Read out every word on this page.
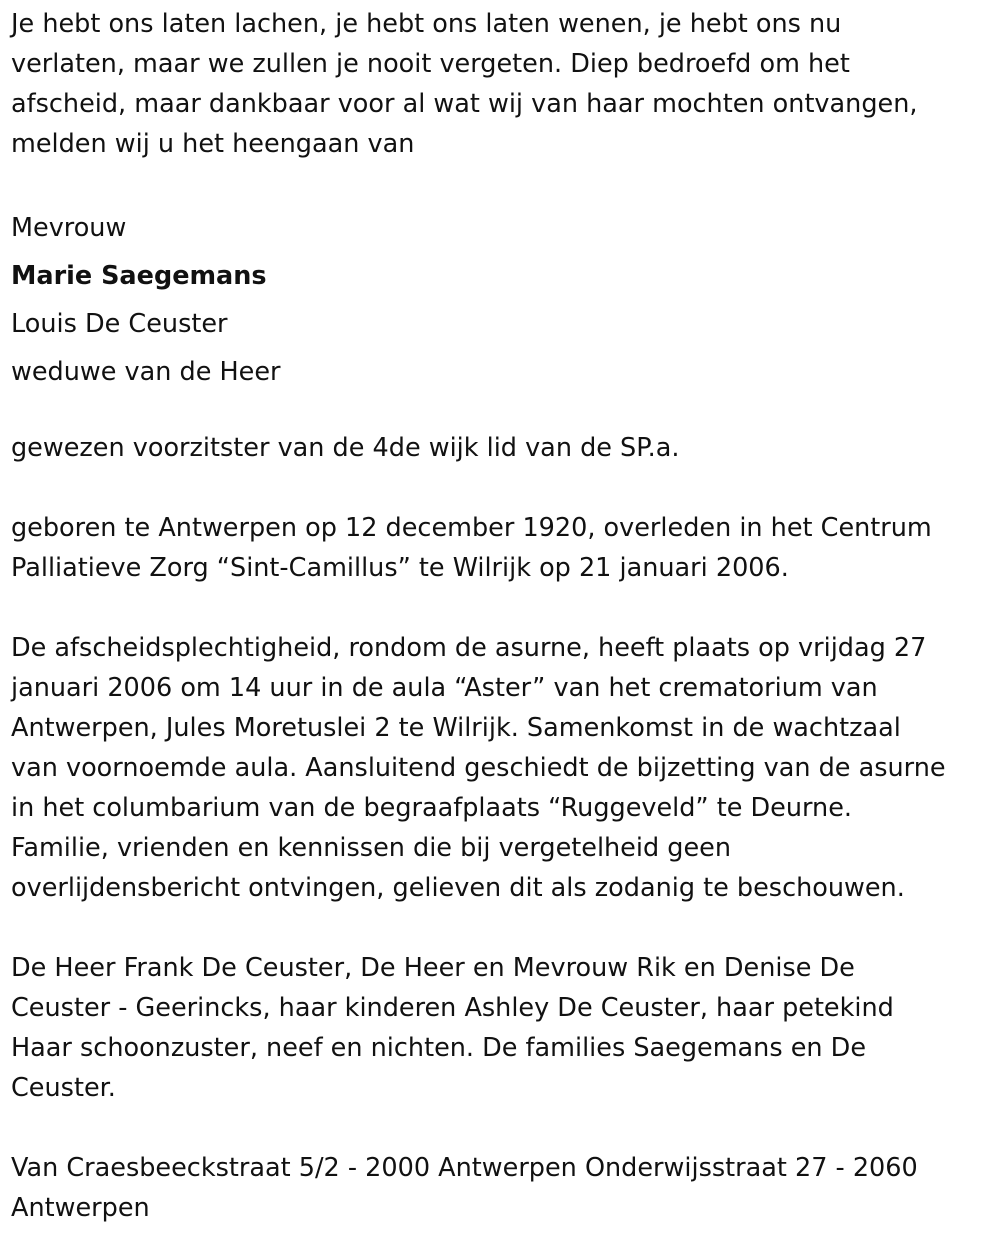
Je hebt ons laten lachen, je hebt ons laten wenen, je hebt ons nu
verlaten, maar we zullen je nooit vergeten. Diep bedroefd om het
afscheid, maar dankbaar voor al wat wij van haar mochten ontvangen,
melden wij u het heengaan van
Mevrouw
Marie Saegemans
Louis De Ceuster
weduwe van de Heer
gewezen voorzitster van de 4de wijk lid van de SP.a.
geboren te Antwerpen op 12 december 1920, overleden in het Centrum
Palliatieve Zorg “Sint-Camillus” te Wilrijk op 21 januari 2006.
De afscheidsplechtigheid, rondom de asurne, heeft plaats op vrijdag 27
januari 2006 om 14 uur in de aula “Aster” van het crematorium van
Antwerpen, Jules Moretuslei 2 te Wilrijk. Samenkomst in de wachtzaal
van voornoemde aula. Aansluitend geschiedt de bijzetting van de asurne
in het columbarium van de begraafplaats “Ruggeveld” te Deurne.
Familie, vrienden en kennissen die bij vergetelheid geen
overlijdensbericht ontvingen, gelieven dit als zodanig te beschouwen.
De Heer Frank De Ceuster, De Heer en Mevrouw Rik en Denise De
Ceuster - Geerincks, haar kinderen Ashley De Ceuster, haar petekind
Haar schoonzuster, neef en nichten. De families Saegemans en De
Ceuster.
Van Craesbeeckstraat 5/2 - 2000 Antwerpen Onderwijsstraat 27 - 2060
Antwerpen
